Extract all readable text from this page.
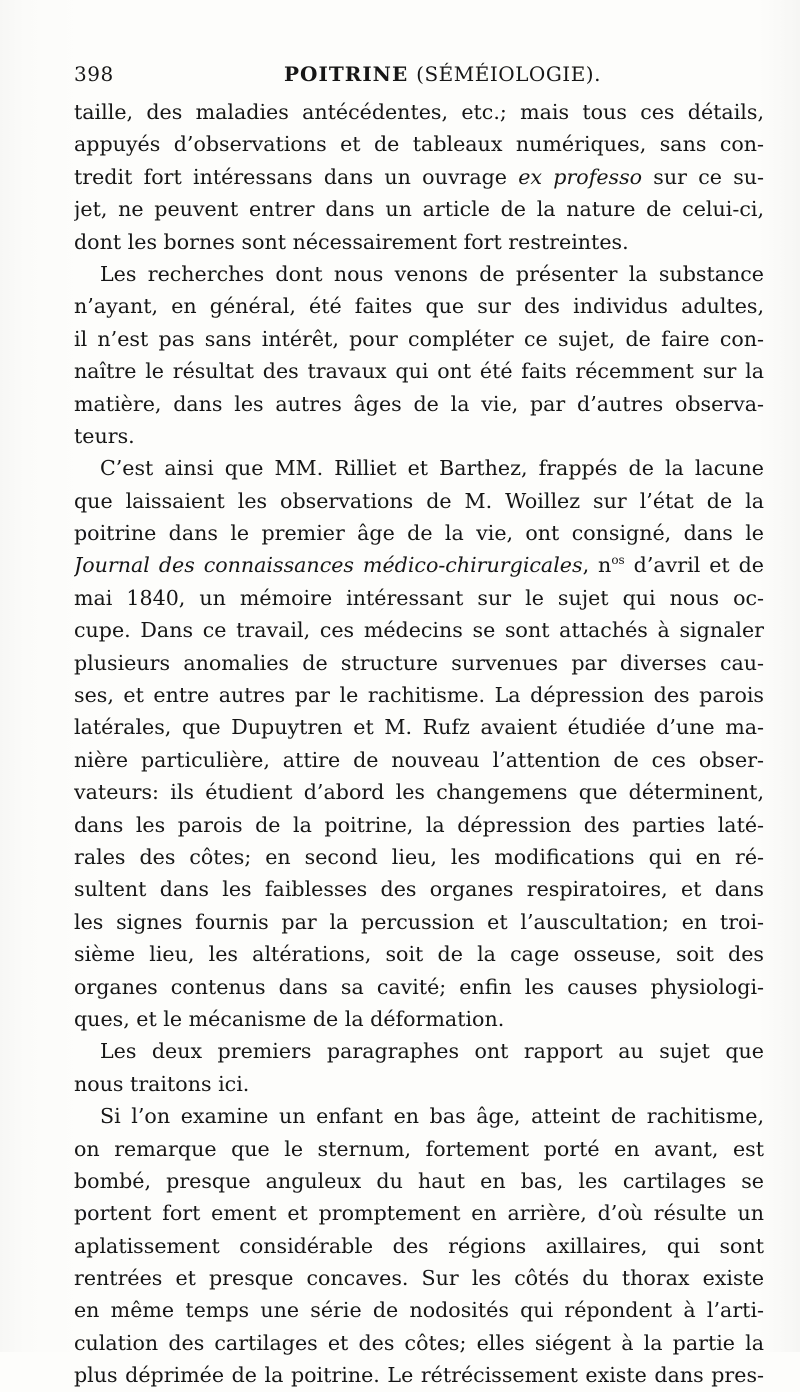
398	POITRINE (SÉMÉIOLOGIE).
taille, des maladies antécédentes, etc.; mais tous ces détails,
appuyés d’observations et de tableaux numériques, sans con-
tredit fort intéressans dans un ouvrage ex professo sur ce su-
jet, ne peuvent entrer dans un article de la nature de celui-ci,
dont les bornes sont nécessairement fort restreintes.
Les recherches dont nous venons de présenter la substance
n’ayant, en général, été faites que sur des individus adultes,
il n’est pas sans intérêt, pour compléter ce sujet, de faire con-
naître le résultat des travaux qui ont été faits récemment sur la
matière, dans les autres âges de la vie, par d’autres observa-
teurs.
C’est ainsi que MM. Rilliet et Barthez, frappés de la lacune
que laissaient les observations de M. Woillez sur l’état de la
poitrine dans le premier âge de la vie, ont consigné, dans le
Journal des connaissances médico-chirurgicales, $n^{os}$ d’avril et de
mai 1840, un mémoire intéressant sur le sujet qui nous oc-
cupe. Dans ce travail, ces médecins se sont attachés à signaler
plusieurs anomalies de structure survenues par diverses cau-
ses, et entre autres par le rachitisme. La dépression des parois
latérales, que Dupuytren et M. Rufz avaient étudiée d’une ma-
nière particulière, attire de nouveau l’attention de ces obser-
vateurs: ils étudient d’abord les changemens que déterminent,
dans les parois de la poitrine, la dépression des parties laté-
rales des côtes; en second lieu, les modifications qui en ré-
sultent dans les faiblesses des organes respiratoires, et dans
les signes fournis par la percussion et l’auscultation; en troi-
sième lieu, les altérations, soit de la cage osseuse, soit des
organes contenus dans sa cavité; enfin les causes physiologi-
ques, et le mécanisme de la déformation.
Les deux premiers paragraphes ont rapport au sujet que
nous traitons ici.
Si l’on examine un enfant en bas âge, atteint de rachitisme,
on remarque que le sternum, fortement porté en avant, est
bombé, presque anguleux du haut en bas, les cartilages se
portent fort ement et promptement en arrière, d’où résulte un
aplatissement considérable des régions axillaires, qui sont
rentrées et presque concaves. Sur les côtés du thorax existe
en même temps une série de nodosités qui répondent à l’arti-
culation des cartilages et des côtes; elles siégent à la partie la
plus déprimée de la poitrine. Le rétrécissement existe dans pres-
